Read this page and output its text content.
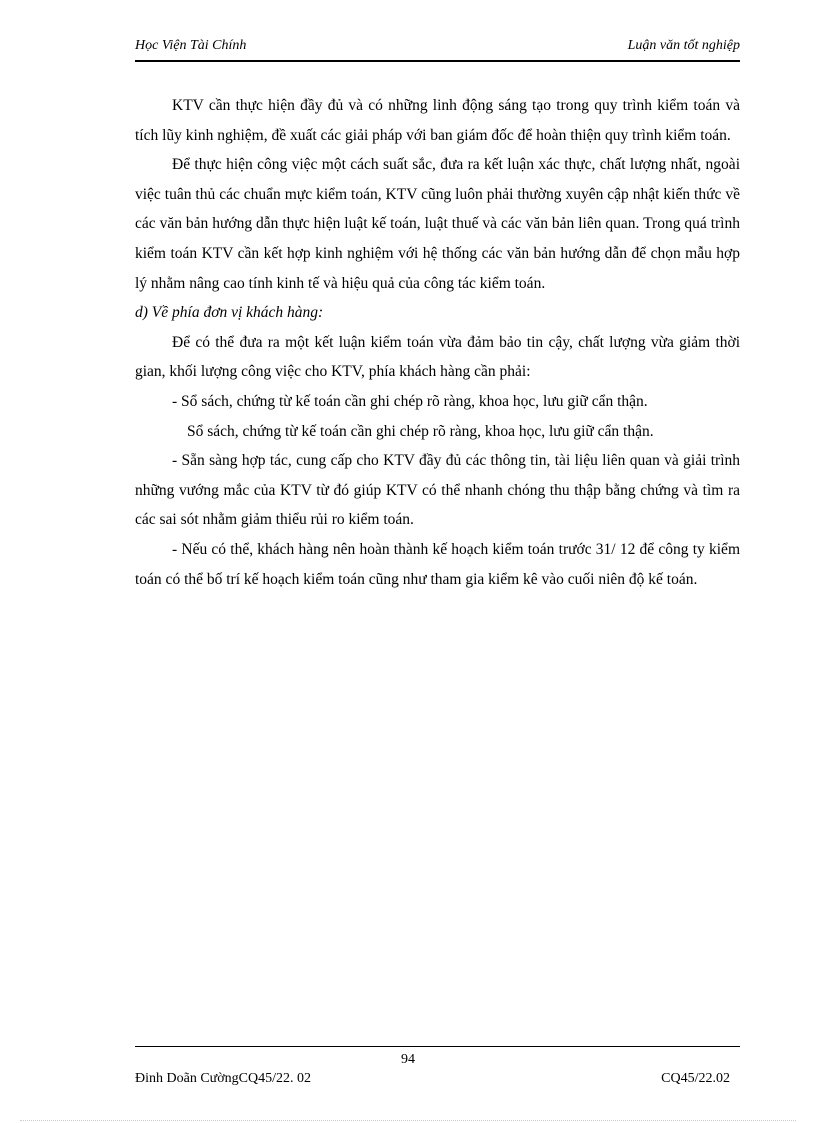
Học Viện Tài Chính	Luận văn tốt nghiệp

KTV cần thực hiện đầy đủ và có những linh động sáng tạo trong quy trình kiểm toán và tích lũy kinh nghiệm, đề xuất các giải pháp với ban giám đốc để hoàn thiện quy trình kiểm toán.

Để thực hiện công việc một cách suất sắc, đưa ra kết luận xác thực, chất lượng nhất, ngoài việc tuân thủ các chuẩn mực kiểm toán, KTV cũng luôn phải thường xuyên cập nhật kiến thức về các văn bản hướng dẫn thực hiện luật kế toán, luật thuế và các văn bản liên quan. Trong quá trình kiểm toán KTV cần kết hợp kinh nghiệm với hệ thống các văn bản hướng dẫn để chọn mẫu hợp lý nhằm nâng cao tính kinh tế và hiệu quả của công tác kiểm toán.

d) Về phía đơn vị khách hàng:

Để có thể đưa ra một kết luận kiểm toán vừa đảm bảo tin cậy, chất lượng vừa giảm thời gian, khối lượng công việc cho KTV, phía khách hàng cần phải:

- Sổ sách, chứng từ kế toán cần ghi chép rõ ràng, khoa học, lưu giữ cẩn thận.

Sổ sách, chứng từ kế toán cần ghi chép rõ ràng, khoa học, lưu giữ cẩn thận.

- Sẵn sàng hợp tác, cung cấp cho KTV đầy đủ các thông tin, tài liệu liên quan và giải trình những vướng mắc của KTV từ đó giúp KTV có thể nhanh chóng thu thập bằng chứng và tìm ra các sai sót nhằm giảm thiểu rủi ro kiểm toán.

- Nếu có thể, khách hàng nên hoàn thành kế hoạch kiểm toán trước 31/ 12 để công ty kiểm toán có thể bố trí kế hoạch kiểm toán cũng như tham gia kiểm kê vào cuối niên độ kế toán.

94
Đinh Doãn CườngCQ45/22. 02	CQ45/22.02
